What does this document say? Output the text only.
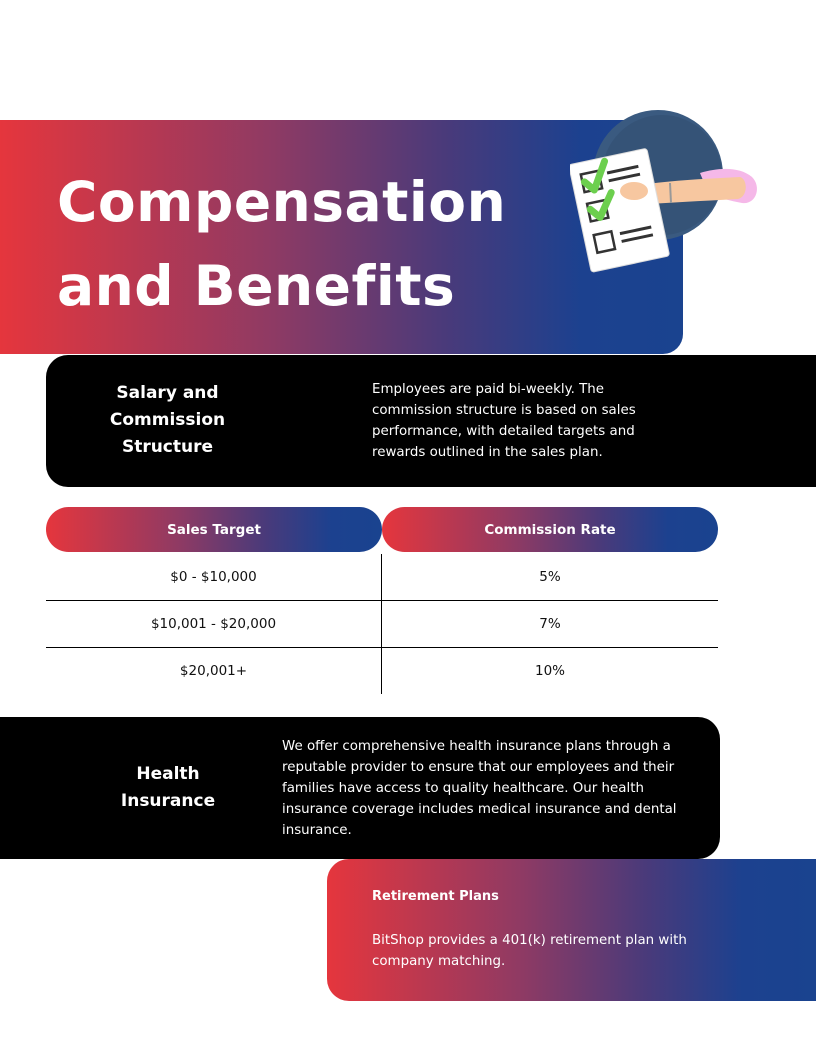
Compensation
and Benefits
Salary and Commission Structure
Employees are paid bi-weekly. The commission structure is based on sales performance, with detailed targets and rewards outlined in the sales plan.
Sales Target	Commission Rate
$0 - $10,000	5%
$10,001 - $20,000	7%
$20,001+	10%
Health
Insurance
We offer comprehensive health insurance plans through a reputable provider to ensure that our employees and their families have access to quality healthcare. Our health insurance coverage includes medical insurance and dental insurance.
Retirement Plans
BitShop provides a 401(k) retirement plan with company matching.
